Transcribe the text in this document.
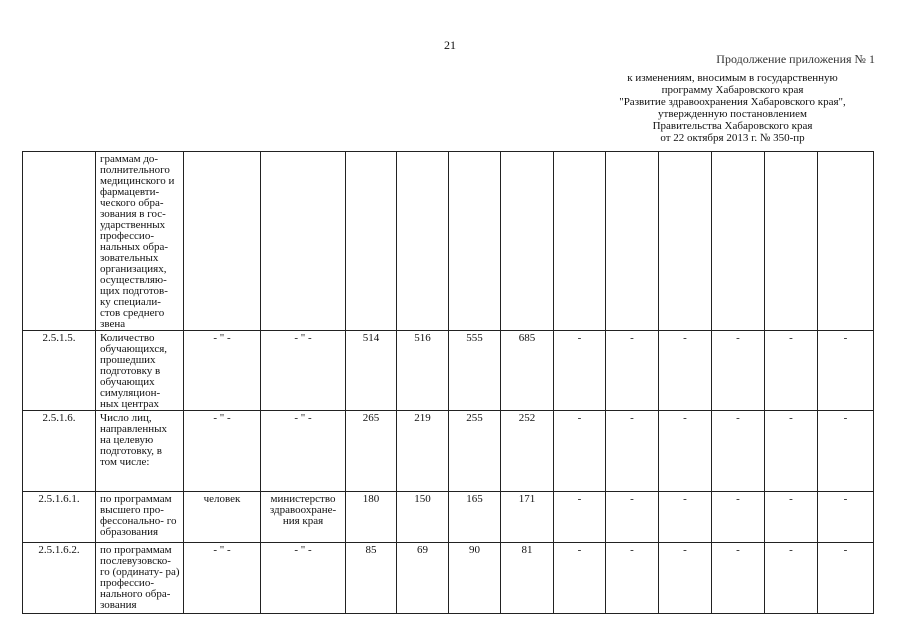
21
Продолжение приложения № 1
к изменениям, вносимым в государственную
программу Хабаровского края
"Развитие здравоохранения Хабаровского края",
утвержденную постановлением
Правительства Хабаровского края
от 22 октября 2013 г. № 350-пр
	граммам до- полнительного медицинского и фармацевти- ческого обра- зования в гос- ударственных профессио- нальных обра- зовательных организациях, осуществляю- щих подготов- ку специали- стов среднего звена												
2.5.1.5.	Количество обучающихся, прошедших подготовку в обучающих симуляцион- ных центрах	- " -	- " -	514	516	555	685	-	-	-	-	-	-
2.5.1.6.	Число лиц, направленных на целевую подготовку, в том числе:	- " -	- " -	265	219	255	252	-	-	-	-	-	-
2.5.1.6.1.	по программам высшего про- фессонально- го образования	человек	министерство здравоохране- ния края	180	150	165	171	-	-	-	-	-	-
2.5.1.6.2.	по программам послевузовско- го (ординату- ра) профессио- нального обра- зования	- " -	- " -	85	69	90	81	-	-	-	-	-	-
